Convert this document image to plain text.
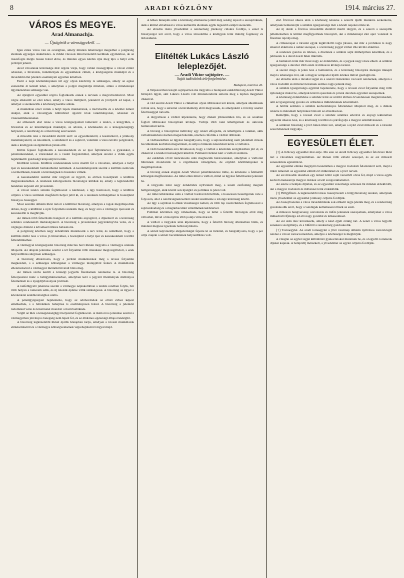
8	ARADI KÖZLÖNY	1914. március 27.
VÁROS ÉS MEGYE.
Arad Almanachja.
— Újságírók a városügyekről. —

Igen érdes város van az országban, amely minden lehetőséget megadhat a polgárság életének egységes alakulására. A vidéki városok mind közelebb kerülnek egymáshoz, de az összefogás mégis lassan halad előre, és minden egyes kérdés újra meg újra a helyi erők próbáját jelenti.

Arad városának közönsége már régóta várja, hogy valaki összegyűjtse a várost érintő adatokat, a hivatalok, intézmények és egyesületek címeit, a közigazgatás munkáját és a társadalmi élet jelentős eseményeit egyetlen kötetben.

Ezért a napi közleményeken túl egy olyan kiadvány is szükséges, amely az egész esztendőn át kéznél lehet, s amelyben a polgár megtalálja mindazt, amire a mindennapi ügyintézésben szüksége van.

Az újságírói egyesület régóta foglalkozik ennek a tervnek a megvalósításával. Most végre elkészült az első kötet, amely a város múltjáról, jelenéről és jövőjéről ad képet, s amelyet a szerkesztők a közönség kezébe adnak.

A munkában részt vettek a helyi lapok munkatársai, a tisztviselők és a közélet ismert alakjai, akik a városügyek különböző ágairól írtak tanulmányokat, adatokat és visszaemlékezéseket.

Az almanach első része a város közigazgatását ismerteti: a tanács, a közgyűlés, a hivatalok és az intézmények munkáját, az adózás, a közlekedés és a közegészségügy helyzetét, a rendőrség és a tűzoltóság szervezetét.

A második rész a társadalmi életről szól: az egyesületekről, a kaszinókról, a jótékony intézményekről, az iskolákról, a színházról és a sajtóról, valamint a város kiváló polgárairól, akik a közügyek szolgálatában jártak elöl.

Külön fejezet foglalkozik a kereskedelem és az ipar fejlődésével, a gyárakkal, a pénzintézetekkel, a vásárokkal és a vasúti forgalommal, amelyek Aradot a vidék egyik legélénkebb gazdasági központjává tették.

Kiállítási tervek. Kiállítás rendezésének terve merült fel a városban, amelyen a helyi ipar és kereskedelem bemutathatná termékeit. A kezdeményezők szerint a kiállítás nemcsak a termelőknek, hanem a közönségnek is hasznára válnék.

A kereskedelmi testület már tárgyalt az ügyről, és elvben hozzájárult a kiállítás megrendezéséhez. A részletek kidolgozására bizottságot küldtek ki, amely a legközelebbi hetekben terjeszti elő javaslatait.

A városi tanács szintén foglalkozott a kérdéssel, s úgy határozott, hogy a kiállítás céljaira a város területén megfelelő helyet jelöl ki, és a rendezés költségeihez is hozzájárul bizonyos összeggel.

Most szerdán délután ülést tartott a kiállítási bizottság, amelyen a tagok megállapodtak abban, hogy a kiállítást a nyár folyamán rendezik meg, és hogy arra a vármegye iparosait és kereskedőit is meghívják.

Az ülésen több felszólalás hangzott el a kiállítás anyagáról, a díjazásról és a közönség számára rendezendő mulatságokról. A bizottság a javaslatokat jegyzőkönyvbe vette, és a végleges döntést a következő ülésre halasztotta.

A polgárság körében nagy érdeklődés mutatkozik a terv iránt, és remélhető, hogy a kiállítás méltó lesz a város jó hírnevéhez, s hozzájárul a helyi ipar és kereskedelem további fellendüléséhez.

A vármegyei közigazgatási bizottság március havi ülésén tárgyalta a vármegye utainak állapotát. Az alispán jelentése szerint a tél folyamán több útszakasz megrongálódott, s ezek helyreállítása sürgősen szükséges.

A bizottság elhatározta, hogy a javítási munkálatokat még a tavasz folyamán megkezdeti, s a szükséges költségeket a vármegye útalapjából fedezi. A munkálatok ellenőrzésével a vármegyei mérnöki hivatalt bízta meg.

Az ülésen szóba került a községi jegyzők fizetésének rendezése is. A bizottság felterjesztést intéz a belügyminiszterhez, amelyben kéri a jegyzői illetmények méltányos felemelését és a nyugdíjviszonyok javítását.

A tanfelügyelő jelentése szerint a vármegye népiskoláiban a tanítás rendben folyik, bár több helyen a tanterem szűk, és új iskolák építése válik szükségessé. A bizottság az ügyet a közoktatási szakbizottsághoz utalta.

A pénzügyigazgató bejelentette, hogy az adóbevételek az előző évhez képest emelkedtek, s a hátralékok behajtása is eredményesen halad. A bizottság a jelentést tudomásul vette és köszönetet mondott a tisztviselőknek.

Végül az ülés a közegészségügyi helyzettel foglalkozott. A tisztiorvos jelentése szerint a vármegyében járványos betegség nem lépett fel, és az általános egészségi állapot kielégítő.

A bizottság legközelebbi ülését április hónapban tartja, amelyen a tavaszi munkálatok előkészítéséről és a vármegye költségvetésének végrehajtásáról tárgyal majd.

A lelkes ünneplés után a közönség elismerése jeléül még sokáig tapsolt a szereplőknek, akik a kitűnő előadással a város kulturális életének egyik legszebb estéjét szerezték.

Az előadás tiszta jövedelmét a rendezőség jótékony célokra fordítja, s ezzel is bizonyságot tett arról, hogy a város társadalma a közügyek iránt mindig fogékony és áldozatkész.

Elítélték Lukács László leleplezőjét.
— Aradi Viktor sajtópöre. —
Saját tudósítónk telefonjelentése.
Budapest, március 26.

A Népszavában lezajló sajtóperben ma tárgyalta a budapesti esküdtbíróság Aradi Viktor hírlapíró ügyét, akit Lukács László volt miniszterelnök sértette meg a lapban megjelent cikkeivel.

A vád szerint Aradi Viktor a cikkeiben olyan állításokat tett közzé, amelyek alkalmasak voltak arra, hogy a sértettet a közvélemény előtt megvessék, és amelyekért a törvény szerint felelősséggel tartozik.

A tárgyaláson a vádlott kijelentette, hogy cikkeit jóhiszeműen írta, és az azokban foglalt állításokat bizonyítani kívánja. Védője több tanú kihallgatását és okiratok bemutatását kérte.

A bíróság a bizonyítási indítvány egy részét elfogadta, és kihallgatta a tanúkat, akik vallomásaikban részben megerősítették, részben cáfolták a vádlott állításait.

A vádbeszédben az ügyész hangsúlyozta, hogy a sajtószabadság nem jelentheti mások becsületének korlátlan megsértését, és súlyos büntetés kiszabását kérte a vádlottra.

A védő beszédében arra hivatkozott, hogy a vádlott a közérdek szolgálatában járt el, és cikkeivel a közélet tisztaságáért küzdött. Felmentő ítéletet kért a vádlott számára.

Az esküdtek rövid tanácskozás után meghozták határozatukat, amelyben a vádlottat bűnösnek mondották ki a rágalmazás vétségében, de enyhítő körülményeket is megállapítottak.

A bíróság ennek alapján Aradi Viktort pénzbüntetésre ítélte, és kötelezte a felmerült költségek megfizetésére. Az ítélet ellen mind a vádlott, mind az ügyész fellebbezést jelentett be.

A tárgyalás iránt nagy érdeklődés nyilvánult meg, a terem zsúfolásig megtelt hallgatósággal, akik között sok újságíró és politikus is jelen volt.

Az ítélet kihirdetése után a vádlott barátai üdvözölték, s hosszasan beszélgettek vele a folyosón, ahol a rendőrségnek kellett rendet teremtenie a tolongó közönség között.

Az ügy a sajtóban is élénk visszhangot keltett, és több lap vezércikkben foglalkozott a sajtószabadság és a magánbecsület védelmének kérdésével.

Politikai körökben úgy vélekednek, hogy az ítélet a felsőbb bíróságok előtt még változhat, mivel a bizonyítás több pontja vitás maradt.

A vádlott a tárgyalás után kijelentette, hogy a felsőbb bíróság döntésében bízik, és mindent megtesz igazának bebizonyítására.

A sértett képviselője elégedettségét fejezte ki az ítélettel, és hangsúlyozta, hogy a per célja csupán a sértett becsületének helyreállítása volt.

első fővárosi sikere után a közönség tetszése a szerzőt újabb munkára serkentette, amelynek bemutatóját a színház igazgatósága már a közeli napokra tűzte ki.

Az új darab a főváros társadalmi életéből meríti tárgyát, és a szerző a szereplők jellemzésében is kitűnő megfigyelőnek bizonyult, aki a mindennapi élet apró vonásait is finoman rajzolja meg.

A címszerepet a társulat egyik legkiválóbb tagja játssza, aki már a próbákon is nagy sikerrel alakította a nehéz szerepet, s a közönség joggal várhat tőle kiváló alakítást.

A rendezés gondos és ízléses, a díszletek a színház saját műhelyében készültek, és a jelmezek is a darab korát hűen tükrözik.

A bemutató iránt már most nagy az érdeklődés, és a jegyek nagy része elkelt. A színház igazgatósága a darabot több estén át műsoron kívánja tartani.

A szerző maga is jelen lesz a bemutatón, és a közönség bizonyára melegen ünnepli majd a tehetséges írót, aki a magyar színpadot újabb értékes művel gazdagította.

Az előadás után a társulat tagjai és a szerző tiszteletére vacsorát rendeznek, amelyen a város irodalmi és művészi köreinek számos tagja jelenik meg.

A színház igazgatósága egyúttal bejelentette, hogy a tavaszi évad folyamán még több újdonságot mutat be, amelyek között operettek és prózai darabok egyaránt szerepelnek.

A közönség érdeklődése a színház iránt az utóbbi időben örvendetesen megnövekedett, ami az igazgatóság gondos és céltudatos működésének köszönhető.

A bérlők számára a színház kedvezményes feltételeket állapított meg, és a diákok részére is mérsékelt helyárakat biztosít az előadásokon.

Reméljük, hogy a tavaszi évad a színház számára erkölcsi és anyagi tekintetben egyaránt sikeres lesz, és a közönség továbbra is pártfogolja a magyar színművészetet.

A színházi bizottság a jövő héten ülést tart, amelyen a nyári évad műsorát és a társulat szerződtetéseit tárgyalja.

EGYESÜLETI ÉLET.

(†) A Kölcsey egyesület mai estje. Ma este az Aradi Kölcsey egyesület felolvasó ülést tart a városháza nagytermében. Az ülésen több előadó szerepel, és az est műsorát zeneszámok egészítik ki.

Az egyesület elnöke megnyitó beszédében a magyar irodalom feladatairól szól, majd a titkár ismerteti az egyesület elmúlt évi működését és a jövő terveit.

Az est második részében egy ismert költő saját verseiből olvas fel, majd a város egyik kedvelt énekesnője magyar dalokat ad elő zongorakísérettel.

Az estére a belépés díjtalan, és az egyesület vezetősége szívesen lát minden érdeklődőt, aki a magyar irodalom és művészet iránt érdeklődik.

(†) Hölgyfüzér. A legközelebbi társas összejövetelt a hölgybizottság rendezi, amelynek tiszta jövedelmét az egyesület jótékony céljaira fordítják.

Az összejövetelen a város társadalmának sok előkelő tagja jelenik meg, és a rendezőség gondoskodik arról, hogy a vendégek kellemesen töltsék az estét.

A műsoron hangverseny, szavalatok és tréfás jelenetek szerepelnek, amelyeket a város műkedvelő ifjúsága ad elő nagy gonddal és lelkesedéssel.

Az est után tánc következik, amely a késő éjjeli órákig tart. A zenét a város legjobb zenekara szolgáltatja, és a büféről a rendezőség gondoskodik.

(†) Tornaegylet. Az aradi tornaegylet a jövő vasárnap délután nyilvános tornavizsgát rendez a városi tornacsarnokban, amelyre a közönséget is meghívják.

A vizsgán az egylet tagjai különböző gyakorlatokat mutatnak be, és a legjobb tornászok díjakat kapnak. A belépődíj mérsékelt, a jövedelmet az egylet céljaira fordítják.
